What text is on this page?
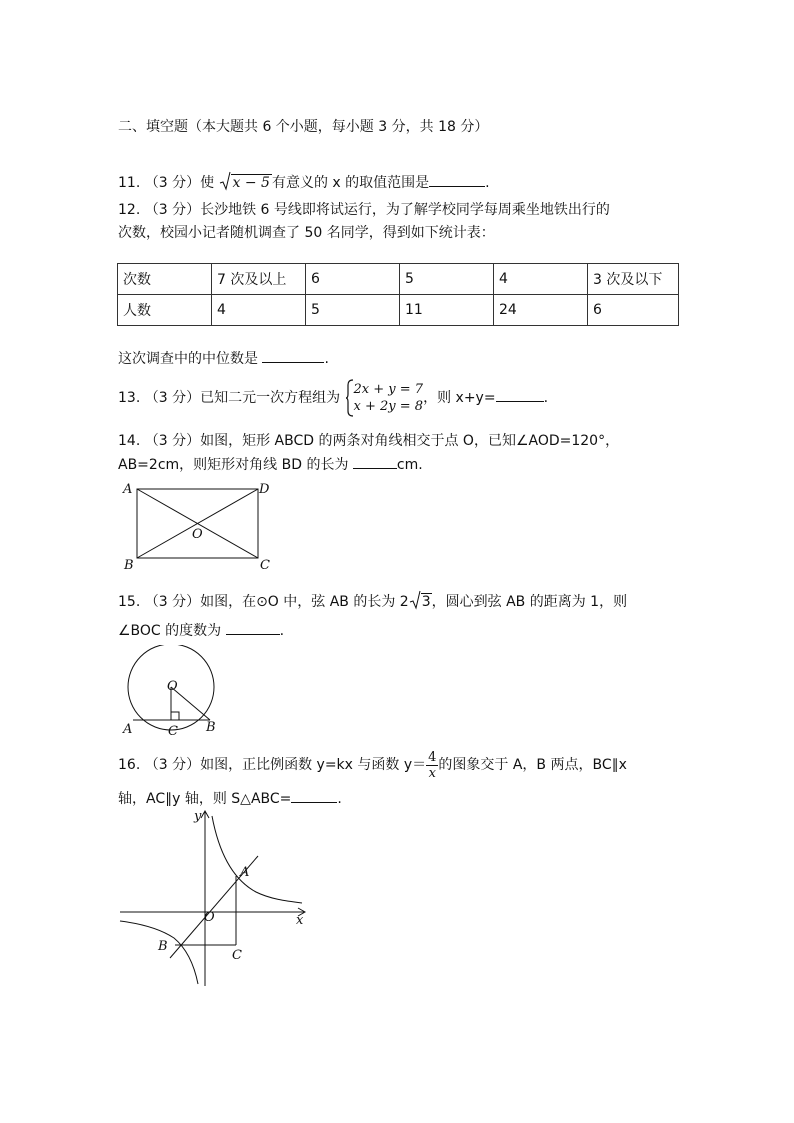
二、填空题（本大题共 6 个小题，每小题 3 分，共 18 分）
11. （3 分）使 x − 5 有意义的 x 的取值范围是	.
12. （3 分）长沙地铁 6 号线即将试运行，为了解学校同学每周乘坐地铁出行的
次数，校园小记者随机调查了 50 名同学，得到如下统计表：
次数	7 次及以上	6	5	4	3 次及以下
人数	4	5	11	24	6
这次调查中的中位数是	.
13. （3 分）已知二元一次方程组为
2x + y = 7
x + 2y = 8
，则 x+y=	.
14. （3 分）如图，矩形 ABCD 的两条对角线相交于点 O，已知∠AOD=120°，
AB=2cm，则矩形对角线 BD 的长为	cm.
A	D
B	C
O
15. （3 分）如图，在⊙O 中，弦 AB 的长为 2 3，圆心到弦 AB 的距离为 1，则
∠BOC 的度数为	.
O
A	B
C
16. （3 分）如图，正比例函数 y=kx 与函数 $y= \frac{4}{x}$ 的图象交于 A，B 两点，BC∥x
轴，AC∥y 轴，则 S△ABC=	.
y
x
O
A
B
C
